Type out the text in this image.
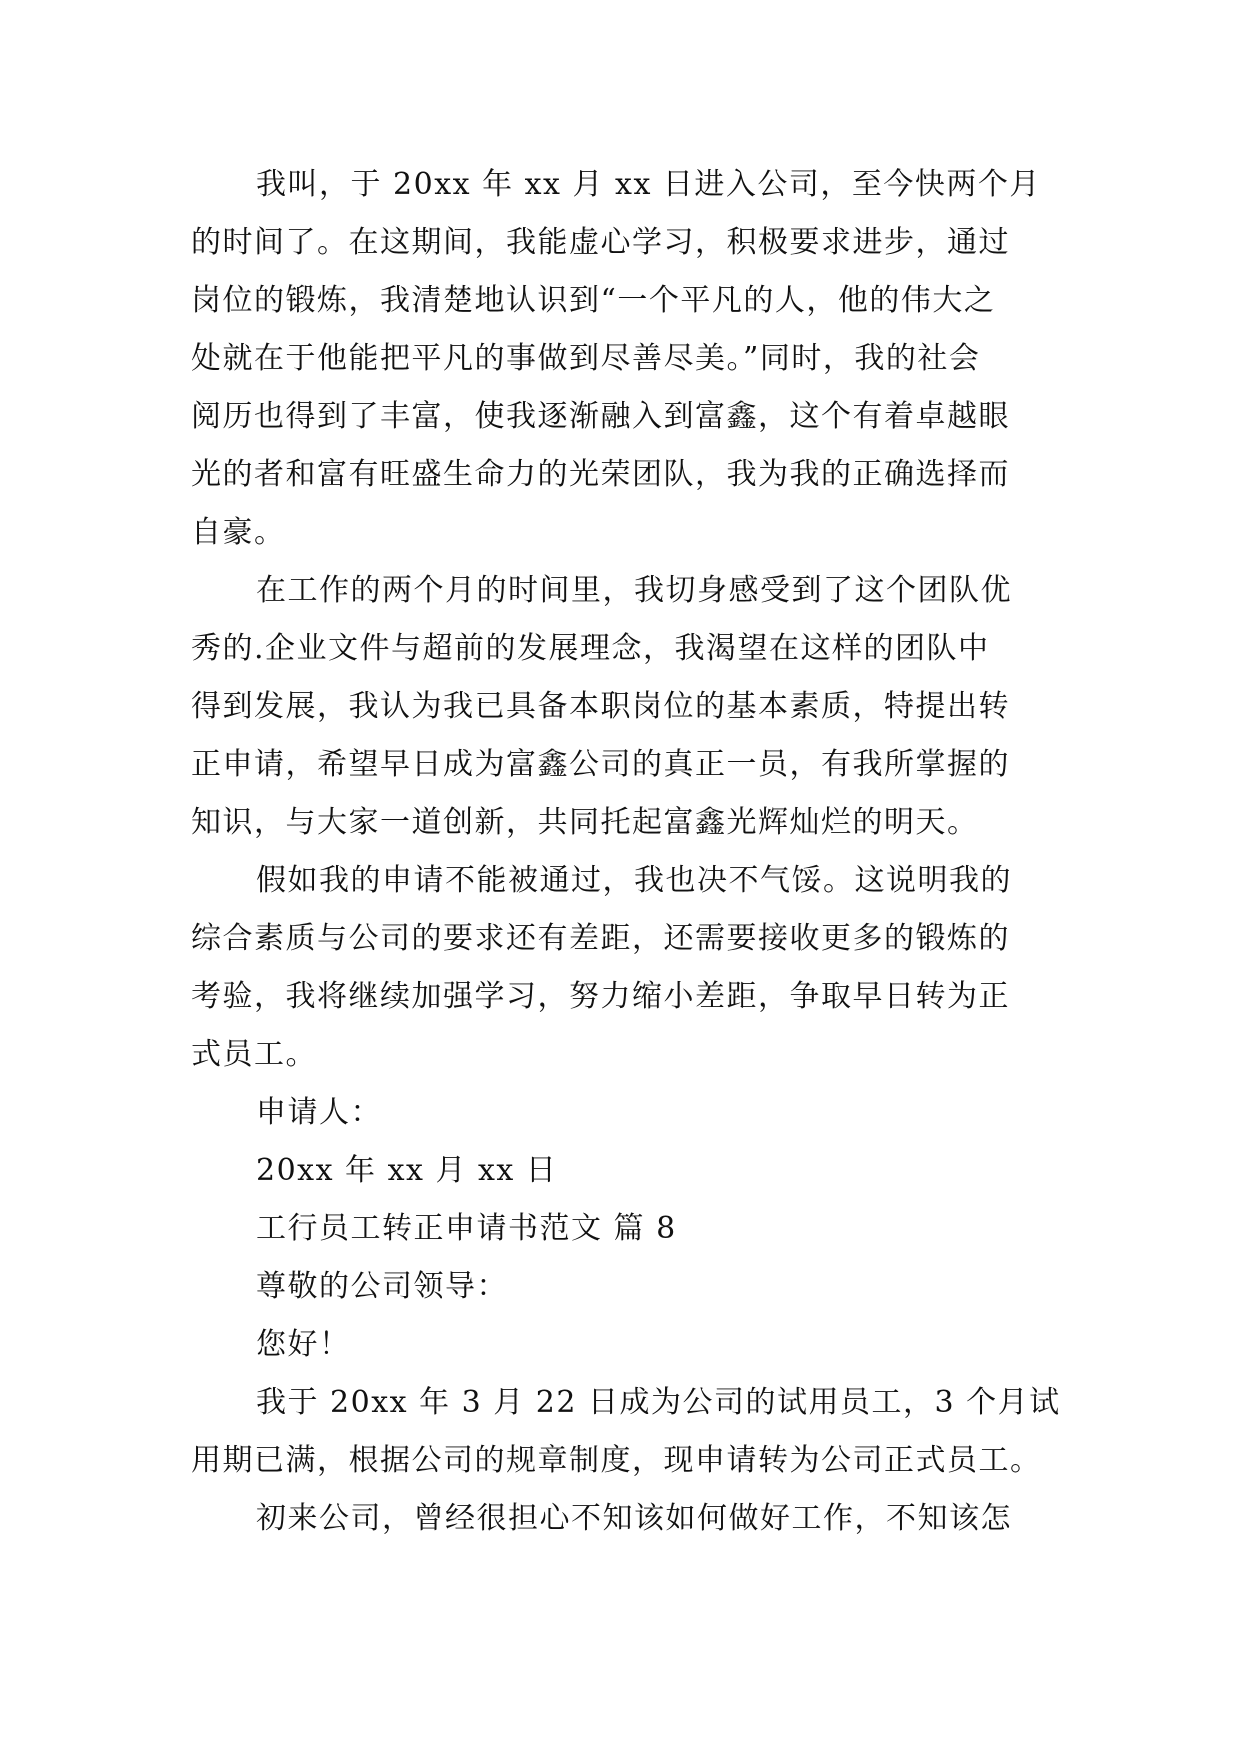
我叫，于 20xx 年 xx 月 xx 日进入公司，至今快两个月
的时间了。在这期间，我能虚心学习，积极要求进步，通过
岗位的锻炼，我清楚地认识到“一个平凡的人，他的伟大之
处就在于他能把平凡的事做到尽善尽美。”同时，我的社会
阅历也得到了丰富，使我逐渐融入到富鑫，这个有着卓越眼
光的者和富有旺盛生命力的光荣团队，我为我的正确选择而
自豪。
在工作的两个月的时间里，我切身感受到了这个团队优
秀的.企业文件与超前的发展理念，我渴望在这样的团队中
得到发展，我认为我已具备本职岗位的基本素质，特提出转
正申请，希望早日成为富鑫公司的真正一员，有我所掌握的
知识，与大家一道创新，共同托起富鑫光辉灿烂的明天。
假如我的申请不能被通过，我也决不气馁。这说明我的
综合素质与公司的要求还有差距，还需要接收更多的锻炼的
考验，我将继续加强学习，努力缩小差距，争取早日转为正
式员工。
申请人：
20xx 年 xx 月 xx 日
工行员工转正申请书范文 篇 8
尊敬的公司领导：
您好！
我于 20xx 年 3 月 22 日成为公司的试用员工，3 个月试
用期已满，根据公司的规章制度，现申请转为公司正式员工。
初来公司，曾经很担心不知该如何做好工作，不知该怎
